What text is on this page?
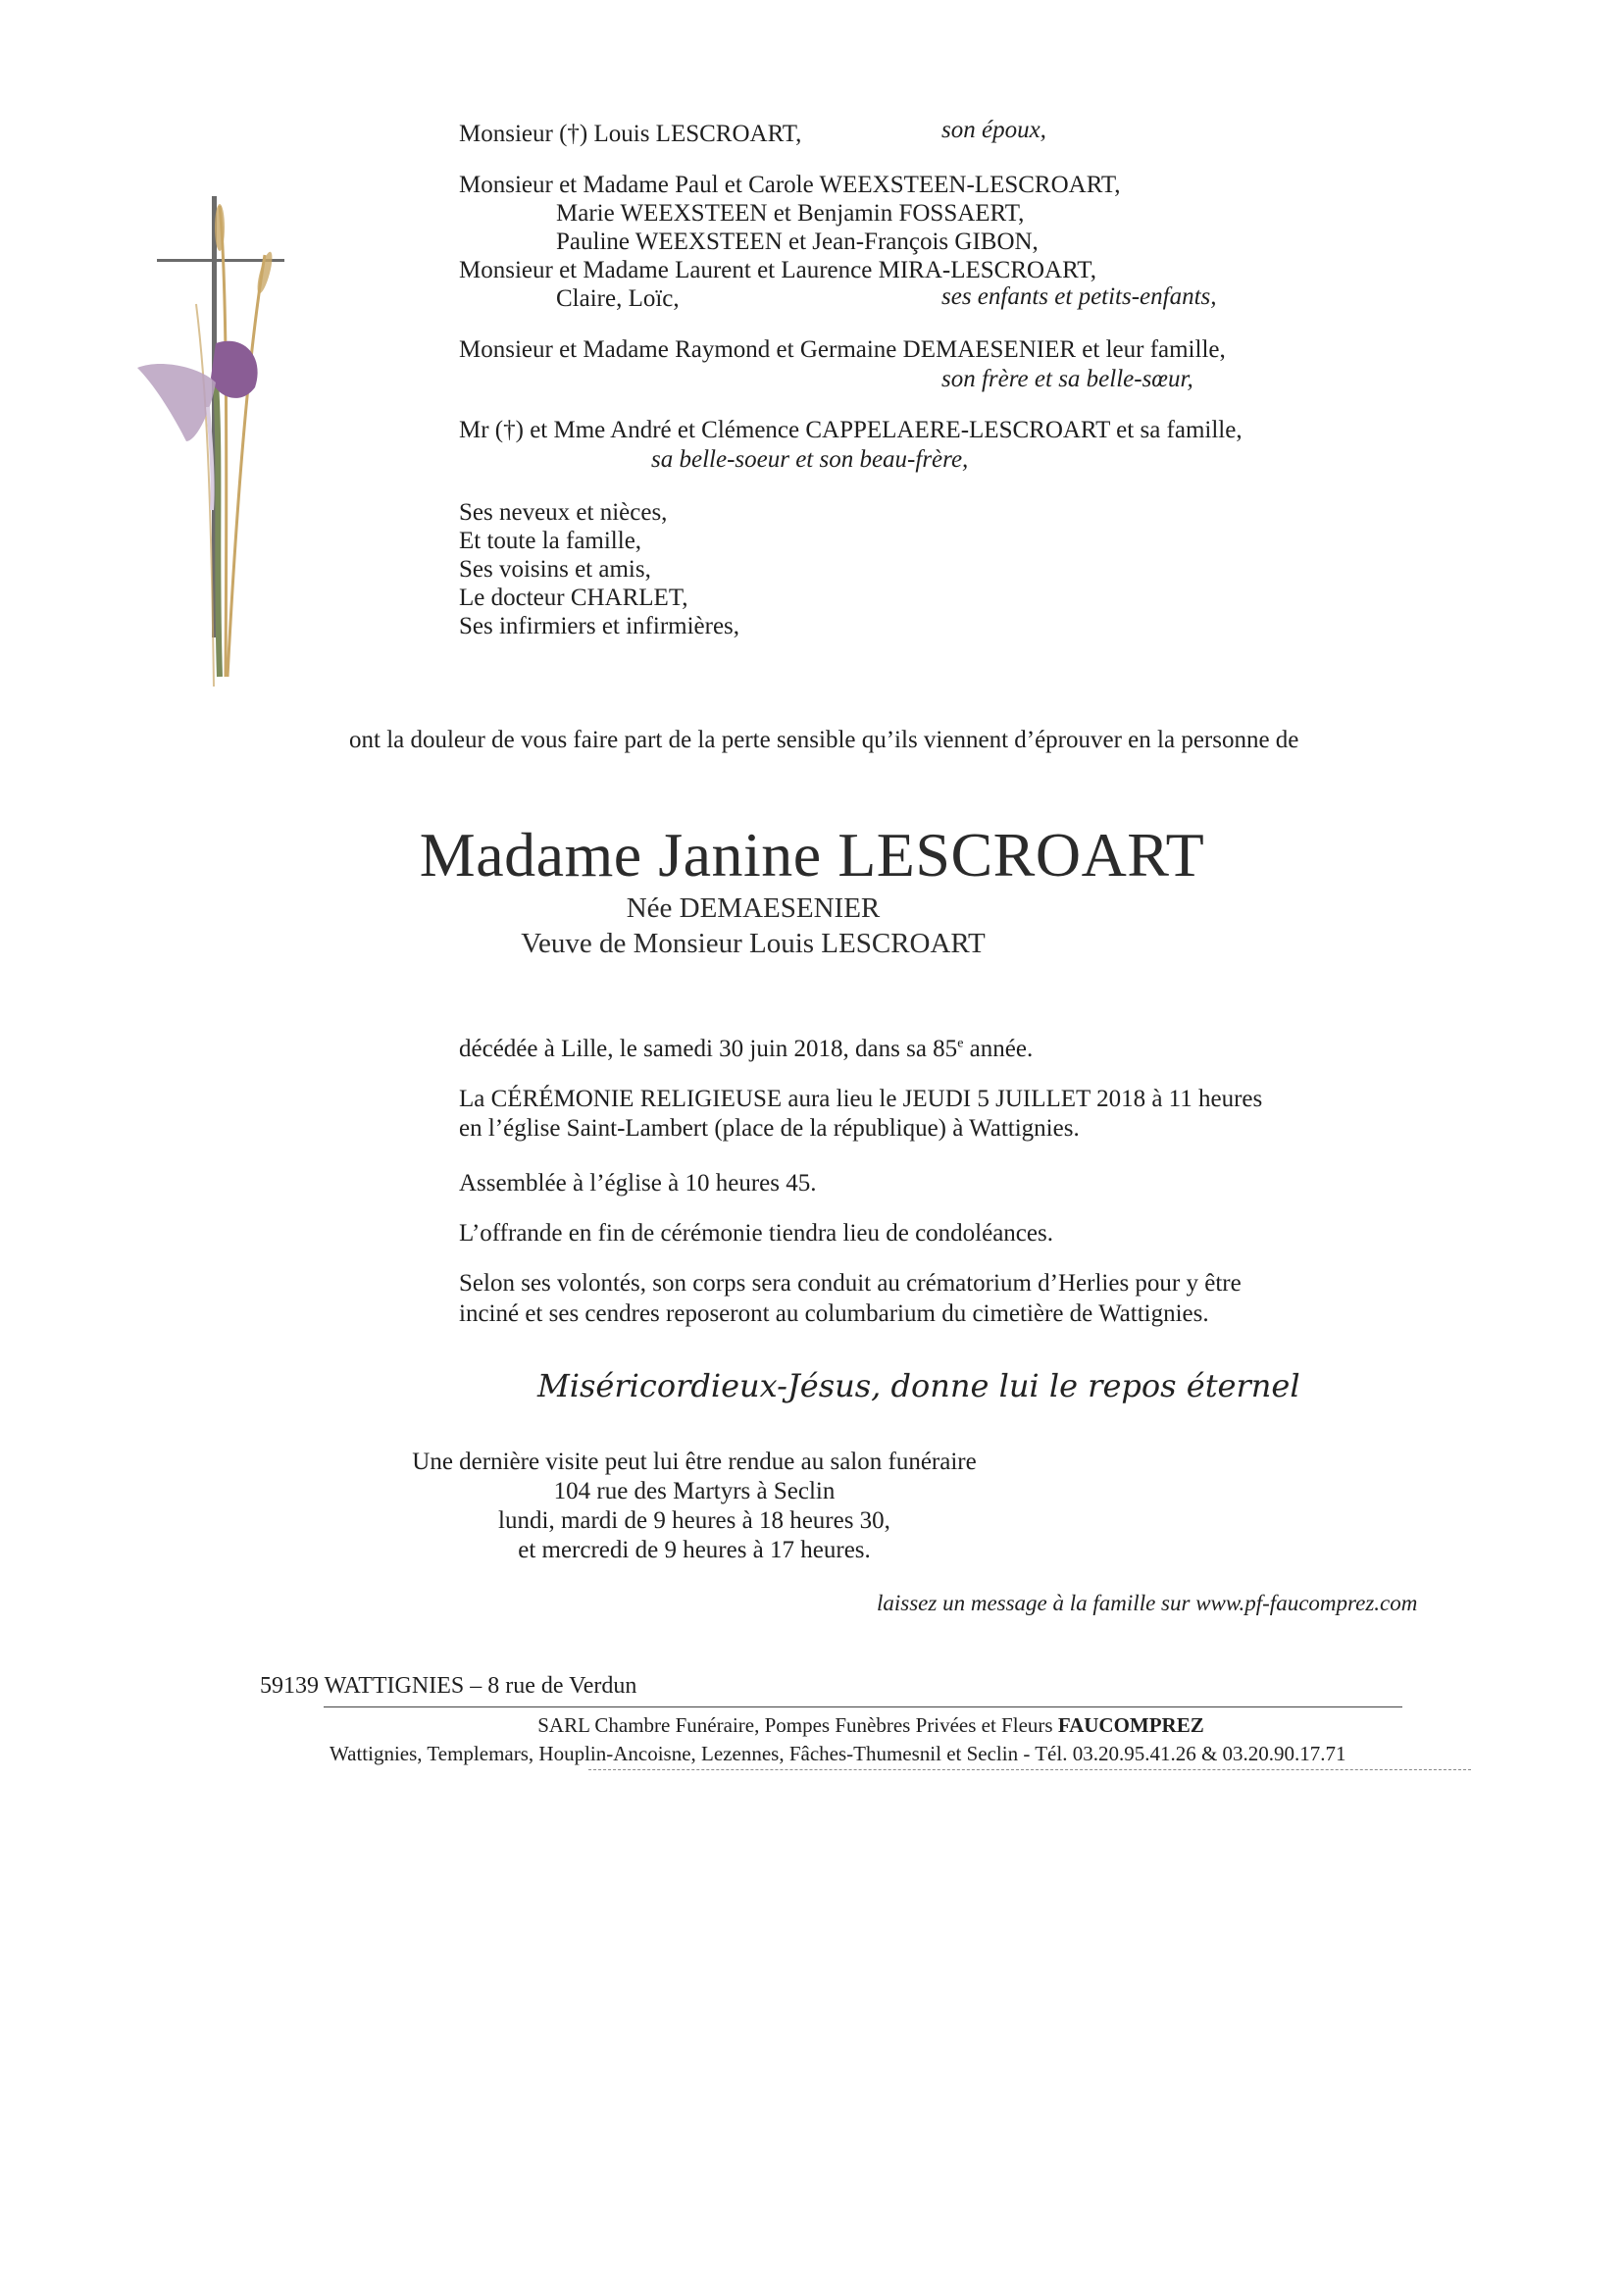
Monsieur (†) Louis LESCROART,	son époux,
Monsieur et Madame Paul et Carole WEEXSTEEN-LESCROART,
Marie WEEXSTEEN et Benjamin FOSSAERT,
Pauline WEEXSTEEN et Jean-François GIBON,
Monsieur et Madame Laurent et Laurence MIRA-LESCROART,
Claire, Loïc,	ses enfants et petits-enfants,
Monsieur et Madame Raymond et Germaine DEMAESENIER et leur famille,
son frère et sa belle-sœur,
Mr (†) et Mme André et Clémence CAPPELAERE-LESCROART et sa famille,
sa belle-soeur et son beau-frère,
Ses neveux et nièces,
Et toute la famille,
Ses voisins et amis,
Le docteur CHARLET,
Ses infirmiers et infirmières,
ont la douleur de vous faire part de la perte sensible qu’ils viennent d’éprouver en la personne de
Madame Janine LESCROART
Née DEMAESENIER
Veuve de Monsieur Louis LESCROART
décédée à Lille, le samedi 30 juin 2018, dans sa 85e année.
La CÉRÉMONIE RELIGIEUSE aura lieu le JEUDI 5 JUILLET 2018 à 11 heures
en l’église Saint-Lambert (place de la république) à Wattignies.
Assemblée à l’église à 10 heures 45.
L’offrande en fin de cérémonie tiendra lieu de condoléances.
Selon ses volontés, son corps sera conduit au crématorium d’Herlies pour y être
inciné et ses cendres reposeront au columbarium du cimetière de Wattignies.
Miséricordieux-Jésus, donne lui le repos éternel
Une dernière visite peut lui être rendue au salon funéraire
104 rue des Martyrs à Seclin
lundi, mardi de 9 heures à 18 heures 30,
et mercredi de 9 heures à 17 heures.
laissez un message à la famille sur www.pf-faucomprez.com
59139 WATTIGNIES – 8 rue de Verdun
SARL Chambre Funéraire, Pompes Funèbres Privées et Fleurs FAUCOMPREZ
Wattignies, Templemars, Houplin-Ancoisne, Lezennes, Fâches-Thumesnil et Seclin - Tél. 03.20.95.41.26 & 03.20.90.17.71
